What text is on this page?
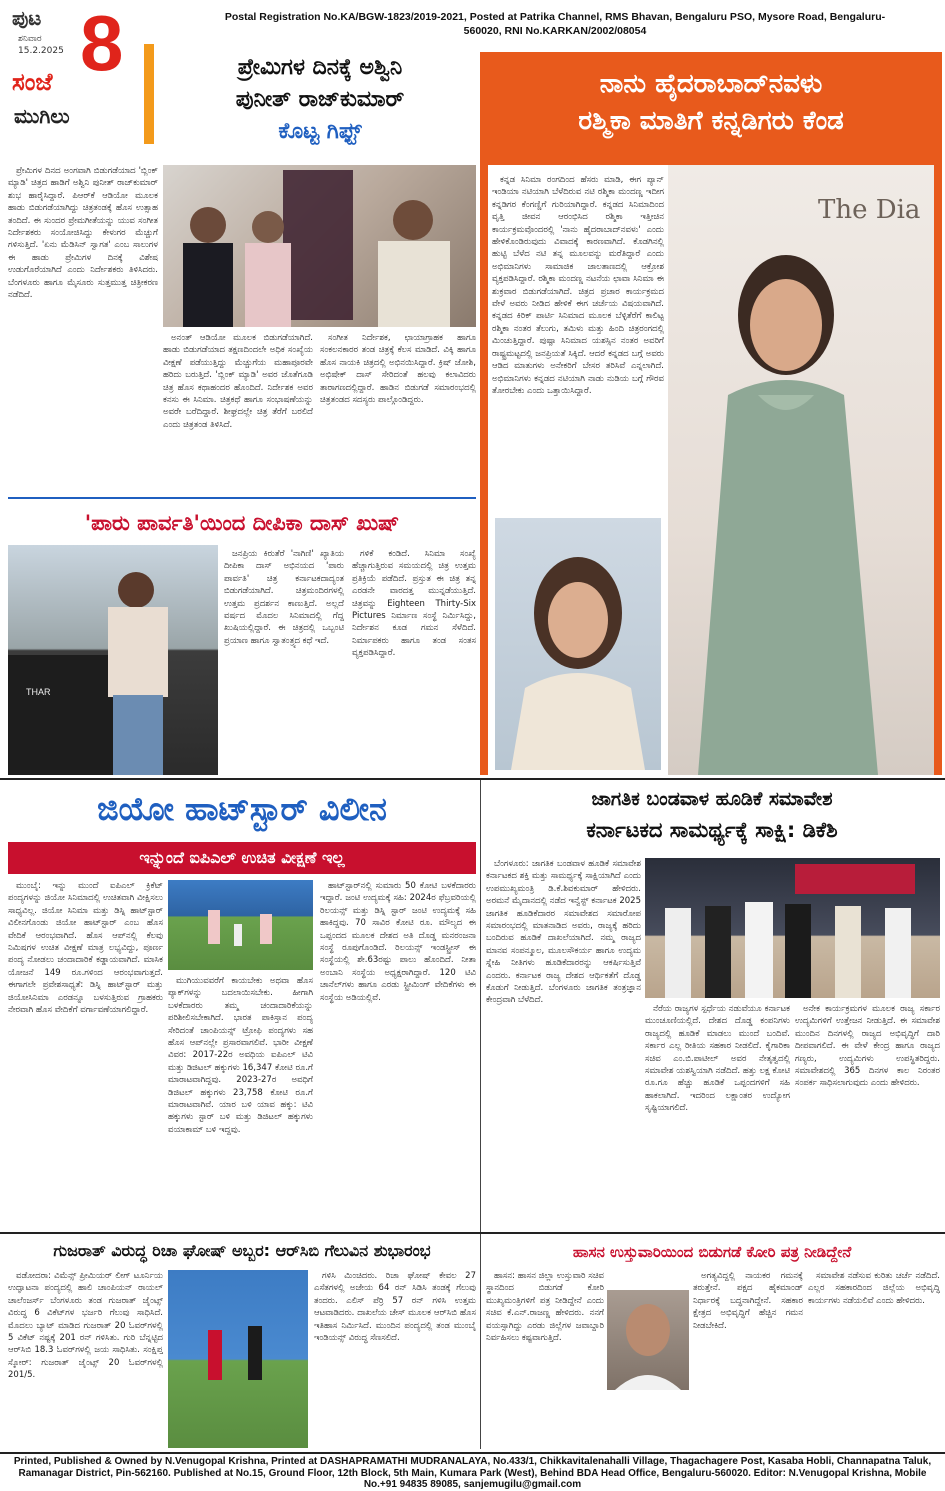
ಪುಟ
ಶನಿವಾರ
15.2.2025 8
ಸಂಜೆ
ಮುಗಿಲು
Postal Registration No.KA/BGW-1823/2019-2021, Posted at Patrika Channel, RMS Bhavan, Bengaluru PSO, Mysore Road, Bengaluru- 560020, RNI No.KARKAN/2002/08054
ಪ್ರೇಮಿಗಳ ದಿನಕ್ಕೆ ಅಶ್ವಿನಿ
ಪುನೀತ್ ರಾಜ್‌ಕುಮಾರ್
ಕೊಟ್ಟ ಗಿಫ್ಟ್

ಪ್ರೇಮಿಗಳ ದಿನದ ಅಂಗವಾಗಿ ಬಿಡುಗಡೆಯಾದ 'ಬ್ಲಿಂಕ್ ಮ್ಯಾಡಿ' ಚಿತ್ರದ ಹಾಡಿಗೆ ಅಶ್ವಿನಿ ಪುನೀತ್ ರಾಜ್‌ಕುಮಾರ್ ಶುಭ ಹಾರೈಸಿದ್ದಾರೆ. ಪಿಆರ್‌ಕೆ ಆಡಿಯೋ ಮೂಲಕ ಹಾಡು ಬಿಡುಗಡೆಯಾಗಿದ್ದು ಚಿತ್ರತಂಡಕ್ಕೆ ಹೊಸ ಉತ್ಸಾಹ ತಂದಿದೆ. ಈ ಸುಂದರ ಪ್ರೇಮಗೀತೆಯನ್ನು ಯುವ ಸಂಗೀತ ನಿರ್ದೇಶಕರು ಸಂಯೋಜಿಸಿದ್ದು ಕೇಳುಗರ ಮೆಚ್ಚುಗೆ ಗಳಿಸುತ್ತಿದೆ. 'ಏನು ಮೆಡಿಸಿನ್ ಸ್ವಾಗತ' ಎಂಬ ಸಾಲುಗಳ ಈ ಹಾಡು ಪ್ರೇಮಿಗಳ ದಿನಕ್ಕೆ ವಿಶೇಷ ಉಡುಗೊರೆಯಾಗಿದೆ ಎಂದು ನಿರ್ದೇಶಕರು ತಿಳಿಸಿದರು. ಬೆಂಗಳೂರು ಹಾಗೂ ಮೈಸೂರು ಸುತ್ತಮುತ್ತ ಚಿತ್ರೀಕರಣ ನಡೆದಿದೆ.

ಅನಂತ್ ಆಡಿಯೋ ಮೂಲಕ ಬಿಡುಗಡೆಯಾಗಿದೆ. ಹಾಡು ಬಿಡುಗಡೆಯಾದ ತಕ್ಷಣದಿಂದಲೇ ಅಧಿಕ ಸಂಖ್ಯೆಯ ವೀಕ್ಷಣೆ ಪಡೆಯುತ್ತಿದ್ದು ಮೆಚ್ಚುಗೆಯ ಮಹಾಪೂರವೇ ಹರಿದು ಬರುತ್ತಿದೆ. 'ಬ್ಲಿಂಕ್ ಮ್ಯಾಡಿ' ಅವರ ಜೊತೆಗೂಡಿ ಚಿತ್ರ ಹೊಸ ಕಥಾಹಂದರ ಹೊಂದಿದೆ. ನಿರ್ದೇಶಕ ಅವರ ಕನಸು ಈ ಸಿನಿಮಾ. ಚಿತ್ರಕಥೆ ಹಾಗೂ ಸಂಭಾಷಣೆಯನ್ನು ಅವರೇ ಬರೆದಿದ್ದಾರೆ. ಶೀಘ್ರದಲ್ಲೇ ಚಿತ್ರ ತೆರೆಗೆ ಬರಲಿದೆ ಎಂದು ಚಿತ್ರತಂಡ ತಿಳಿಸಿದೆ.

ಸಂಗೀತ ನಿರ್ದೇಶಕ, ಛಾಯಾಗ್ರಾಹಕ ಹಾಗೂ ಸಂಕಲನಕಾರರ ತಂಡ ಚಿತ್ರಕ್ಕೆ ಕೆಲಸ ಮಾಡಿದೆ. ವಿಕ್ಕಿ ಹಾಗೂ ಹೊಸ ನಾಯಕಿ ಚಿತ್ರದಲ್ಲಿ ಅಭಿನಯಿಸಿದ್ದಾರೆ. ಕ್ರಿಷ್ ಜೋಶಿ, ಅಭಿಷೇಕ್ ದಾಸ್ ಸೇರಿದಂತೆ ಹಲವು ಕಲಾವಿದರು ತಾರಾಗಣದಲ್ಲಿದ್ದಾರೆ. ಹಾಡಿನ ಬಿಡುಗಡೆ ಸಮಾರಂಭದಲ್ಲಿ ಚಿತ್ರತಂಡದ ಸದಸ್ಯರು ಪಾಲ್ಗೊಂಡಿದ್ದರು.

ನಾನು ಹೈದರಾಬಾದ್‌ನವಳು
ರಶ್ಮಿಕಾ ಮಾತಿಗೆ ಕನ್ನಡಿಗರು ಕೆಂಡ

ಕನ್ನಡ ಸಿನಿಮಾ ರಂಗದಿಂದ ಹೆಸರು ಮಾಡಿ, ಈಗ ಪ್ಯಾನ್ ಇಂಡಿಯಾ ನಟಿಯಾಗಿ ಬೆಳೆದಿರುವ ನಟಿ ರಶ್ಮಿಕಾ ಮಂದಣ್ಣ ಇದೀಗ ಕನ್ನಡಿಗರ ಕೆಂಗಣ್ಣಿಗೆ ಗುರಿಯಾಗಿದ್ದಾರೆ. ಕನ್ನಡದ ಸಿನಿಮಾದಿಂದ ವೃತ್ತಿ ಜೀವನ ಆರಂಭಿಸಿದ ರಶ್ಮಿಕಾ ಇತ್ತೀಚಿನ ಕಾರ್ಯಕ್ರಮವೊಂದರಲ್ಲಿ 'ನಾನು ಹೈದರಾಬಾದ್‌ನವಳು' ಎಂದು ಹೇಳಿಕೊಂಡಿರುವುದು ವಿವಾದಕ್ಕೆ ಕಾರಣವಾಗಿದೆ. ಕೊಡಗಿನಲ್ಲಿ ಹುಟ್ಟಿ ಬೆಳೆದ ನಟಿ ತನ್ನ ಮೂಲವನ್ನು ಮರೆತಿದ್ದಾರೆ ಎಂದು ಅಭಿಮಾನಿಗಳು ಸಾಮಾಜಿಕ ಜಾಲತಾಣದಲ್ಲಿ ಆಕ್ರೋಶ ವ್ಯಕ್ತಪಡಿಸಿದ್ದಾರೆ. ರಶ್ಮಿಕಾ ಮಂದಣ್ಣ ನಟನೆಯ ಛಾವಾ ಸಿನಿಮಾ ಈ ಶುಕ್ರವಾರ ಬಿಡುಗಡೆಯಾಗಿದೆ. ಚಿತ್ರದ ಪ್ರಚಾರ ಕಾರ್ಯಕ್ರಮದ ವೇಳೆ ಅವರು ನೀಡಿದ ಹೇಳಿಕೆ ಈಗ ಚರ್ಚೆಯ ವಿಷಯವಾಗಿದೆ. ಕನ್ನಡದ ಕಿರಿಕ್ ಪಾರ್ಟಿ ಸಿನಿಮಾದ ಮೂಲಕ ಬೆಳ್ಳಿತೆರೆಗೆ ಕಾಲಿಟ್ಟ ರಶ್ಮಿಕಾ ನಂತರ ತೆಲುಗು, ತಮಿಳು ಮತ್ತು ಹಿಂದಿ ಚಿತ್ರರಂಗದಲ್ಲಿ ಮಿಂಚುತ್ತಿದ್ದಾರೆ. ಪುಷ್ಪಾ ಸಿನಿಮಾದ ಯಶಸ್ಸಿನ ನಂತರ ಅವರಿಗೆ ರಾಷ್ಟ್ರಮಟ್ಟದಲ್ಲಿ ಜನಪ್ರಿಯತೆ ಸಿಕ್ಕಿದೆ. ಆದರೆ ಕನ್ನಡದ ಬಗ್ಗೆ ಅವರು ಆಡಿದ ಮಾತುಗಳು ಅನೇಕರಿಗೆ ಬೇಸರ ತರಿಸಿವೆ ಎನ್ನಲಾಗಿದೆ. ಅಭಿಮಾನಿಗಳು ಕನ್ನಡದ ನಟಿಯಾಗಿ ನಾಡು ನುಡಿಯ ಬಗ್ಗೆ ಗೌರವ ತೋರಬೇಕು ಎಂದು ಒತ್ತಾಯಿಸಿದ್ದಾರೆ.

The Dia
'ಪಾರು ಪಾರ್ವತಿ'ಯಿಂದ ದೀಪಿಕಾ ದಾಸ್ ಖುಷ್
THAR

ಜನಪ್ರಿಯ ಕಿರುತೆರೆ 'ನಾಗಿಣಿ' ಖ್ಯಾತಿಯ ದೀಪಿಕಾ ದಾಸ್ ಅಭಿನಯದ 'ಪಾರು ಪಾರ್ವತಿ' ಚಿತ್ರ ಕರ್ನಾಟಕದಾದ್ಯಂತ ಬಿಡುಗಡೆಯಾಗಿದೆ. ಚಿತ್ರಮಂದಿರಗಳಲ್ಲಿ ಉತ್ತಮ ಪ್ರದರ್ಶನ ಕಾಣುತ್ತಿದೆ. ಅಲ್ಲದೆ ವರ್ಷದ ಮೊದಲ ಸಿನಿಮಾದಲ್ಲಿ ಗೆದ್ದ ಖುಷಿಯಲ್ಲಿದ್ದಾರೆ. ಈ ಚಿತ್ರದಲ್ಲಿ ಒಬ್ಬಂಟಿ ಪ್ರಯಾಣ ಹಾಗೂ ಸ್ವಾತಂತ್ರ್ಯದ ಕಥೆ ಇದೆ.

ಗಳಿಕೆ ಕಂಡಿದೆ. ಸಿನಿಮಾ ಸಂಖ್ಯೆ ಹೆಚ್ಚಾಗುತ್ತಿರುವ ಸಮಯದಲ್ಲಿ ಚಿತ್ರ ಉತ್ತಮ ಪ್ರತಿಕ್ರಿಯೆ ಪಡೆದಿದೆ. ಪ್ರಸ್ತುತ ಈ ಚಿತ್ರ ತನ್ನ ಎರಡನೇ ವಾರದತ್ತ ಮುನ್ನಡೆಯುತ್ತಿದೆ. ಚಿತ್ರವನ್ನು Eighteen Thirty-Six Pictures ನಿರ್ಮಾಣ ಸಂಸ್ಥೆ ನಿರ್ಮಿಸಿದ್ದು, ನಿರ್ದೇಶನ ಕೂಡ ಗಮನ ಸೆಳೆದಿದೆ. ನಿರ್ಮಾಪಕರು ಹಾಗೂ ತಂಡ ಸಂತಸ ವ್ಯಕ್ತಪಡಿಸಿದ್ದಾರೆ.

ಜಿಯೋ ಹಾಟ್‌ಸ್ಟಾರ್ ವಿಲೀನ
ಇನ್ನುಂದೆ ಐಪಿಎಲ್ ಉಚಿತ ವೀಕ್ಷಣೆ ಇಲ್ಲ

ಮುಂಬೈ: ಇನ್ನು ಮುಂದೆ ಐಪಿಎಲ್ ಕ್ರಿಕೆಟ್ ಪಂದ್ಯಗಳನ್ನು ಜಿಯೋ ಸಿನಿಮಾದಲ್ಲಿ ಉಚಿತವಾಗಿ ವೀಕ್ಷಿಸಲು ಸಾಧ್ಯವಿಲ್ಲ. ಜಿಯೋ ಸಿನಿಮಾ ಮತ್ತು ಡಿಸ್ನಿ ಹಾಟ್‌ಸ್ಟಾರ್ ವಿಲೀನಗೊಂಡು ಜಿಯೋ ಹಾಟ್‌ಸ್ಟಾರ್ ಎಂಬ ಹೊಸ ವೇದಿಕೆ ಆರಂಭವಾಗಿದೆ. ಹೊಸ ಆಪ್‌ನಲ್ಲಿ ಕೆಲವು ನಿಮಿಷಗಳ ಉಚಿತ ವೀಕ್ಷಣೆ ಮಾತ್ರ ಲಭ್ಯವಿದ್ದು, ಪೂರ್ಣ ಪಂದ್ಯ ನೋಡಲು ಚಂದಾದಾರಿಕೆ ಕಡ್ಡಾಯವಾಗಿದೆ. ಮಾಸಿಕ ಯೋಜನೆ 149 ರೂ.ಗಳಿಂದ ಆರಂಭವಾಗುತ್ತದೆ. ಈಗಾಗಲೇ ಪ್ರವೇಶಸಾಧ್ಯತೆ: ಡಿಸ್ನಿ ಹಾಟ್‌ಸ್ಟಾರ್ ಮತ್ತು ಜಿಯೋಸಿನಿಮಾ ಎರಡನ್ನೂ ಬಳಸುತ್ತಿರುವ ಗ್ರಾಹಕರು ನೇರವಾಗಿ ಹೊಸ ವೇದಿಕೆಗೆ ವರ್ಗಾವಣೆಯಾಗಲಿದ್ದಾರೆ.

ಮುಗಿಯುವವರೆಗೆ ಕಾಯಬೇಕು ಅಥವಾ ಹೊಸ ಪ್ಯಾಕ್‌ಗಳನ್ನು ಬದಲಾಯಿಸಬೇಕು. ಹೀಗಾಗಿ ಬಳಕೆದಾರರು ತಮ್ಮ ಚಂದಾದಾರಿಕೆಯನ್ನು ಪರಿಶೀಲಿಸಬೇಕಾಗಿದೆ. ಭಾರತ ಪಾಕಿಸ್ತಾನ ಪಂದ್ಯ ಸೇರಿದಂತೆ ಚಾಂಪಿಯನ್ಸ್ ಟ್ರೋಫಿ ಪಂದ್ಯಗಳು ಸಹ ಹೊಸ ಆಪ್‌ನಲ್ಲೇ ಪ್ರಸಾರವಾಗಲಿವೆ. ಭಾರೀ ವೀಕ್ಷಣೆ ವಿವರ: 2017-22ರ ಅವಧಿಯ ಐಪಿಎಲ್ ಟಿವಿ ಮತ್ತು ಡಿಜಿಟಲ್ ಹಕ್ಕುಗಳು 16,347 ಕೋಟಿ ರೂ.ಗೆ ಮಾರಾಟವಾಗಿದ್ದವು. 2023-27ರ ಅವಧಿಗೆ ಡಿಜಿಟಲ್ ಹಕ್ಕುಗಳು 23,758 ಕೋಟಿ ರೂ.ಗೆ ಮಾರಾಟವಾಗಿವೆ. ಯಾರ ಬಳಿ ಯಾವ ಹಕ್ಕು: ಟಿವಿ ಹಕ್ಕುಗಳು ಸ್ಟಾರ್ ಬಳಿ ಮತ್ತು ಡಿಜಿಟಲ್ ಹಕ್ಕುಗಳು ವಯಾಕಾಮ್ ಬಳಿ ಇದ್ದವು.

ಹಾಟ್‌ಸ್ಟಾರ್‌ನಲ್ಲಿ ಸುಮಾರು 50 ಕೋಟಿ ಬಳಕೆದಾರರು ಇದ್ದಾರೆ. ಜಂಟಿ ಉದ್ಯಮಕ್ಕೆ ಸಹಿ: 2024ರ ಫೆಬ್ರವರಿಯಲ್ಲಿ ರಿಲಯನ್ಸ್ ಮತ್ತು ಡಿಸ್ನಿ ಸ್ಟಾರ್ ಜಂಟಿ ಉದ್ಯಮಕ್ಕೆ ಸಹಿ ಹಾಕಿದ್ದವು. 70 ಸಾವಿರ ಕೋಟಿ ರೂ. ಮೌಲ್ಯದ ಈ ಒಪ್ಪಂದದ ಮೂಲಕ ದೇಶದ ಅತಿ ದೊಡ್ಡ ಮನರಂಜನಾ ಸಂಸ್ಥೆ ರೂಪುಗೊಂಡಿದೆ. ರಿಲಯನ್ಸ್ ಇಂಡಸ್ಟ್ರೀಸ್ ಈ ಸಂಸ್ಥೆಯಲ್ಲಿ ಶೇ.63ರಷ್ಟು ಪಾಲು ಹೊಂದಿದೆ. ನೀತಾ ಅಂಬಾನಿ ಸಂಸ್ಥೆಯ ಅಧ್ಯಕ್ಷರಾಗಿದ್ದಾರೆ. 120 ಟಿವಿ ಚಾನೆಲ್‌ಗಳು ಹಾಗೂ ಎರಡು ಸ್ಟ್ರೀಮಿಂಗ್ ವೇದಿಕೆಗಳು ಈ ಸಂಸ್ಥೆಯ ಅಡಿಯಲ್ಲಿವೆ.

ಜಾಗತಿಕ ಬಂಡವಾಳ ಹೂಡಿಕೆ ಸಮಾವೇಶ
ಕರ್ನಾಟಕದ ಸಾಮರ್ಥ್ಯಕ್ಕೆ ಸಾಕ್ಷಿ: ಡಿಕೆಶಿ

ಬೆಂಗಳೂರು: ಜಾಗತಿಕ ಬಂಡವಾಳ ಹೂಡಿಕೆ ಸಮಾವೇಶ ಕರ್ನಾಟಕದ ಶಕ್ತಿ ಮತ್ತು ಸಾಮರ್ಥ್ಯಕ್ಕೆ ಸಾಕ್ಷಿಯಾಗಿದೆ ಎಂದು ಉಪಮುಖ್ಯಮಂತ್ರಿ ಡಿ.ಕೆ.ಶಿವಕುಮಾರ್ ಹೇಳಿದರು. ಅರಮನೆ ಮೈದಾನದಲ್ಲಿ ನಡೆದ ಇನ್ವೆಸ್ಟ್ ಕರ್ನಾಟಕ 2025 ಜಾಗತಿಕ ಹೂಡಿಕೆದಾರರ ಸಮಾವೇಶದ ಸಮಾರೋಪ ಸಮಾರಂಭದಲ್ಲಿ ಮಾತನಾಡಿದ ಅವರು, ರಾಜ್ಯಕ್ಕೆ ಹರಿದು ಬಂದಿರುವ ಹೂಡಿಕೆ ದಾಖಲೆಯಾಗಿದೆ. ನಮ್ಮ ರಾಜ್ಯದ ಮಾನವ ಸಂಪನ್ಮೂಲ, ಮೂಲಸೌಕರ್ಯ ಹಾಗೂ ಉದ್ಯಮ ಸ್ನೇಹಿ ನೀತಿಗಳು ಹೂಡಿಕೆದಾರರನ್ನು ಆಕರ್ಷಿಸುತ್ತಿವೆ ಎಂದರು. ಕರ್ನಾಟಕ ರಾಜ್ಯ ದೇಶದ ಆರ್ಥಿಕತೆಗೆ ದೊಡ್ಡ ಕೊಡುಗೆ ನೀಡುತ್ತಿದೆ. ಬೆಂಗಳೂರು ಜಾಗತಿಕ ತಂತ್ರಜ್ಞಾನ ಕೇಂದ್ರವಾಗಿ ಬೆಳೆದಿದೆ.

ನೆರೆಯ ರಾಜ್ಯಗಳ ಸ್ಪರ್ಧೆಯ ನಡುವೆಯೂ ಕರ್ನಾಟಕ ಮುಂಚೂಣಿಯಲ್ಲಿದೆ. ದೇಶದ ದೊಡ್ಡ ಕಂಪನಿಗಳು ರಾಜ್ಯದಲ್ಲಿ ಹೂಡಿಕೆ ಮಾಡಲು ಮುಂದೆ ಬಂದಿವೆ. ಸರ್ಕಾರ ಎಲ್ಲ ರೀತಿಯ ಸಹಕಾರ ನೀಡಲಿದೆ. ಕೈಗಾರಿಕಾ ಸಚಿವ ಎಂ.ಬಿ.ಪಾಟೀಲ್ ಅವರ ನೇತೃತ್ವದಲ್ಲಿ ಸಮಾವೇಶ ಯಶಸ್ವಿಯಾಗಿ ನಡೆದಿದೆ. ಹತ್ತು ಲಕ್ಷ ಕೋಟಿ ರೂ.ಗೂ ಹೆಚ್ಚು ಹೂಡಿಕೆ ಒಪ್ಪಂದಗಳಿಗೆ ಸಹಿ ಹಾಕಲಾಗಿದೆ. ಇದರಿಂದ ಲಕ್ಷಾಂತರ ಉದ್ಯೋಗ ಸೃಷ್ಟಿಯಾಗಲಿದೆ.

ಅನೇಕ ಕಾರ್ಯಕ್ರಮಗಳ ಮೂಲಕ ರಾಜ್ಯ ಸರ್ಕಾರ ಉದ್ಯಮಿಗಳಿಗೆ ಉತ್ತೇಜನ ನೀಡುತ್ತಿದೆ. ಈ ಸಮಾವೇಶ ಮುಂದಿನ ದಿನಗಳಲ್ಲಿ ರಾಜ್ಯದ ಅಭಿವೃದ್ಧಿಗೆ ದಾರಿ ದೀಪವಾಗಲಿದೆ. ಈ ವೇಳೆ ಕೇಂದ್ರ ಹಾಗೂ ರಾಜ್ಯದ ಗಣ್ಯರು, ಉದ್ಯಮಿಗಳು ಉಪಸ್ಥಿತರಿದ್ದರು. ಸಮಾವೇಶದಲ್ಲಿ 365 ದಿನಗಳ ಕಾಲ ನಿರಂತರ ಸಂಪರ್ಕ ಸಾಧಿಸಲಾಗುವುದು ಎಂದು ಹೇಳಿದರು.

ಗುಜರಾತ್ ವಿರುದ್ಧ ರಿಚಾ ಘೋಷ್ ಅಬ್ಬರ: ಆರ್‌ಸಿಬಿ ಗೆಲುವಿನ ಶುಭಾರಂಭ

ವಡೋದರಾ: ವಿಮೆನ್ಸ್ ಪ್ರೀಮಿಯರ್ ಲೀಗ್ ಟೂರ್ನಿಯ ಉದ್ಘಾಟನಾ ಪಂದ್ಯದಲ್ಲಿ ಹಾಲಿ ಚಾಂಪಿಯನ್ ರಾಯಲ್ ಚಾಲೆಂಜರ್ಸ್ ಬೆಂಗಳೂರು ತಂಡ ಗುಜರಾತ್ ಜೈಂಟ್ಸ್ ವಿರುದ್ಧ 6 ವಿಕೆಟ್‌ಗಳ ಭರ್ಜರಿ ಗೆಲುವು ಸಾಧಿಸಿದೆ. ಮೊದಲು ಬ್ಯಾಟ್ ಮಾಡಿದ ಗುಜರಾತ್ 20 ಓವರ್‌ಗಳಲ್ಲಿ 5 ವಿಕೆಟ್ ನಷ್ಟಕ್ಕೆ 201 ರನ್ ಗಳಿಸಿತು. ಗುರಿ ಬೆನ್ನಟ್ಟಿದ ಆರ್‌ಸಿಬಿ 18.3 ಓವರ್‌ಗಳಲ್ಲಿ ಜಯ ಸಾಧಿಸಿತು. ಸಂಕ್ಷಿಪ್ತ ಸ್ಕೋರ್: ಗುಜರಾತ್ ಜೈಂಟ್ಸ್ 20 ಓವರ್‌ಗಳಲ್ಲಿ 201/5.

ಗಳಿಸಿ ಮಿಂಚಿದರು. ರಿಚಾ ಘೋಷ್ ಕೇವಲ 27 ಎಸೆತಗಳಲ್ಲಿ ಅಜೇಯ 64 ರನ್ ಸಿಡಿಸಿ ತಂಡಕ್ಕೆ ಗೆಲುವು ತಂದರು. ಎಲಿಸ್ ಪೆರ್ರಿ 57 ರನ್ ಗಳಿಸಿ ಉತ್ತಮ ಆಟವಾಡಿದರು. ದಾಖಲೆಯ ಚೇಸ್ ಮೂಲಕ ಆರ್‌ಸಿಬಿ ಹೊಸ ಇತಿಹಾಸ ನಿರ್ಮಿಸಿದೆ. ಮುಂದಿನ ಪಂದ್ಯದಲ್ಲಿ ತಂಡ ಮುಂಬೈ ಇಂಡಿಯನ್ಸ್ ವಿರುದ್ಧ ಸೆಣಸಲಿದೆ.

ಹಾಸನ ಉಸ್ತುವಾರಿಯಿಂದ ಬಿಡುಗಡೆ ಕೋರಿ ಪತ್ರ ನೀಡಿದ್ದೇನೆ

ಹಾಸನ: ಹಾಸನ ಜಿಲ್ಲಾ ಉಸ್ತುವಾರಿ ಸಚಿವ ಸ್ಥಾನದಿಂದ ಬಿಡುಗಡೆ ಕೋರಿ ಮುಖ್ಯಮಂತ್ರಿಗಳಿಗೆ ಪತ್ರ ನೀಡಿದ್ದೇನೆ ಎಂದು ಸಚಿವ ಕೆ.ಎನ್.ರಾಜಣ್ಣ ಹೇಳಿದರು. ನನಗೆ ವಯಸ್ಸಾಗಿದ್ದು ಎರಡು ಜಿಲ್ಲೆಗಳ ಜವಾಬ್ದಾರಿ ನಿರ್ವಹಿಸಲು ಕಷ್ಟವಾಗುತ್ತಿದೆ.

ಅಗತ್ಯವಿದ್ದಲ್ಲಿ ನಾಯಕರ ಗಮನಕ್ಕೆ ತರುತ್ತೇನೆ. ಪಕ್ಷದ ಹೈಕಮಾಂಡ್ ನಿರ್ಧಾರಕ್ಕೆ ಬದ್ಧನಾಗಿದ್ದೇನೆ. ಸಹಕಾರ ಕ್ಷೇತ್ರದ ಅಭಿವೃದ್ಧಿಗೆ ಹೆಚ್ಚಿನ ಗಮನ ನೀಡಬೇಕಿದೆ.

ಸಮಾವೇಶ ನಡೆಸುವ ಕುರಿತು ಚರ್ಚೆ ನಡೆದಿದೆ. ಎಲ್ಲರ ಸಹಕಾರದಿಂದ ಜಿಲ್ಲೆಯ ಅಭಿವೃದ್ಧಿ ಕಾರ್ಯಗಳು ನಡೆಯಲಿವೆ ಎಂದು ಹೇಳಿದರು.

Printed, Published & Owned by N.Venugopal Krishna, Printed at DASHAPRAMATHI MUDRANALAYA, No.433/1, Chikkavitalenahalli Village, Thagachagere Post, Kasaba Hobli, Channapatna Taluk, Ramanagar District, Pin-562160. Published at No.15, Ground Floor, 12th Block, 5th Main, Kumara Park (West), Behind BDA Head Office, Bengaluru-560020. Editor: N.Venugopal Krishna, Mobile No.+91 94835 89085, sanjemugilu@gmail.com
